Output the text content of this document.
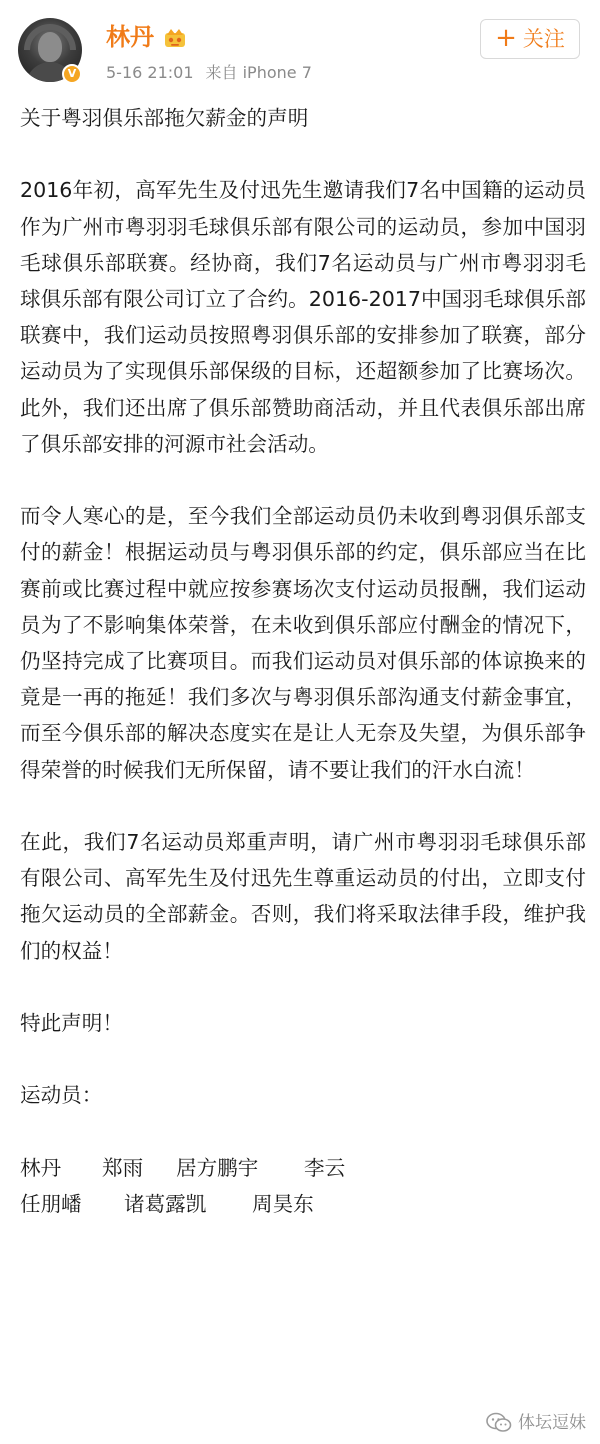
V
林丹
5-16 21:01 来自 iPhone 7
+ 关注
关于粤羽俱乐部拖欠薪金的声明
2016年初，高军先生及付迅先生邀请我们7名中国籍的运动员作为广州市粤羽羽毛球俱乐部有限公司的运动员，参加中国羽毛球俱乐部联赛。经协商，我们7名运动员与广州市粤羽羽毛球俱乐部有限公司订立了合约。2016-2017中国羽毛球俱乐部联赛中，我们运动员按照粤羽俱乐部的安排参加了联赛，部分运动员为了实现俱乐部保级的目标，还超额参加了比赛场次。此外，我们还出席了俱乐部赞助商活动，并且代表俱乐部出席了俱乐部安排的河源市社会活动。
而令人寒心的是，至今我们全部运动员仍未收到粤羽俱乐部支付的薪金！根据运动员与粤羽俱乐部的约定，俱乐部应当在比赛前或比赛过程中就应按参赛场次支付运动员报酬，我们运动员为了不影响集体荣誉，在未收到俱乐部应付酬金的情况下，仍坚持完成了比赛项目。而我们运动员对俱乐部的体谅换来的竟是一再的拖延！我们多次与粤羽俱乐部沟通支付薪金事宜，而至今俱乐部的解决态度实在是让人无奈及失望，为俱乐部争得荣誉的时候我们无所保留，请不要让我们的汗水白流！
在此，我们7名运动员郑重声明，请广州市粤羽羽毛球俱乐部有限公司、高军先生及付迅先生尊重运动员的付出，立即支付拖欠运动员的全部薪金。否则，我们将采取法律手段，维护我们的权益！
特此声明！
运动员：
林丹 郑雨 居方鹏宇 李云
任朋嶓 诸葛露凯 周昊东
体坛逗妹
